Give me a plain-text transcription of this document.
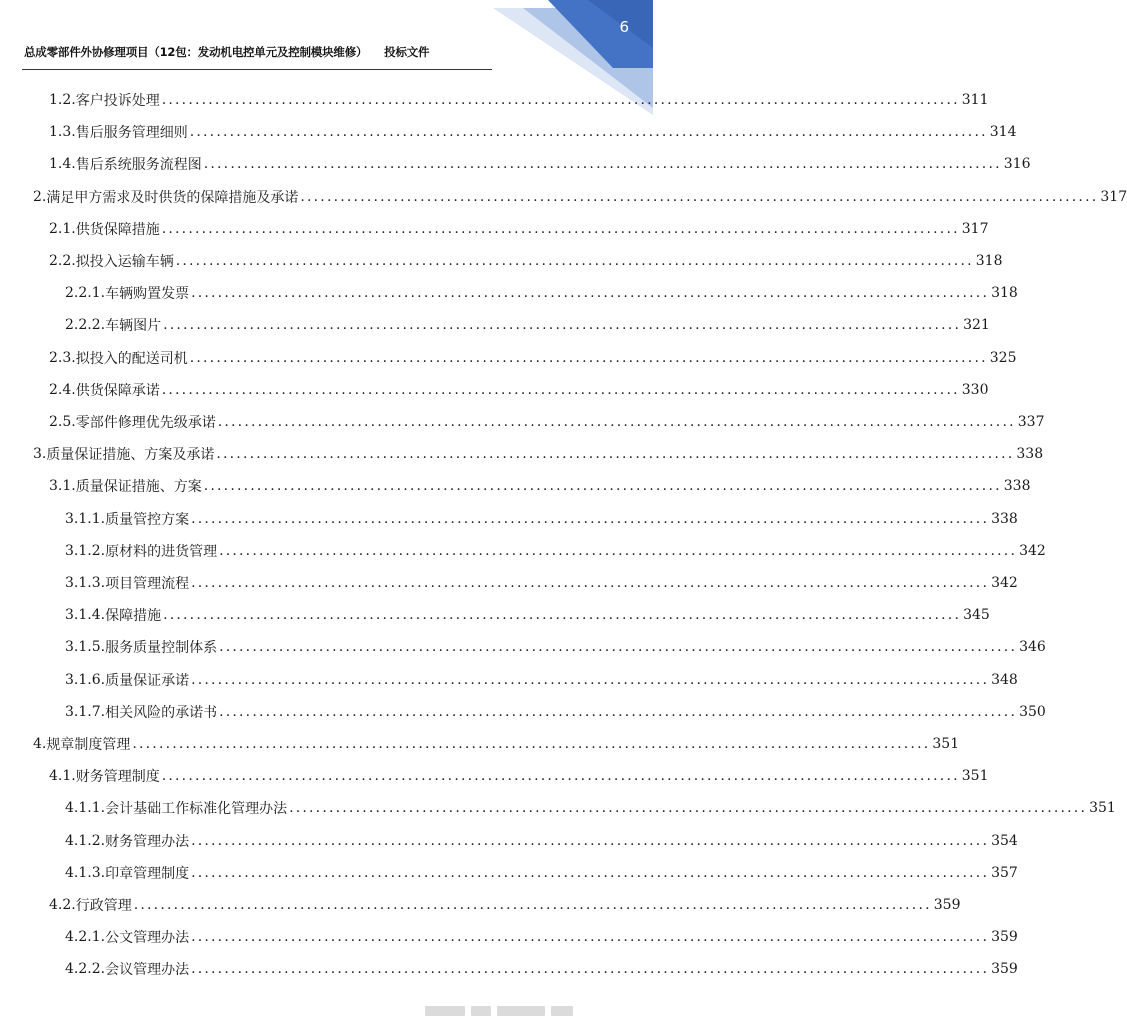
6
总成零部件外协修理项目（12包：发动机电控单元及控制模块维修）　　投标文件
1.2. 客户投诉处理 ........................................................................................................................ 311
1.3. 售后服务管理细则 ........................................................................................................................ 314
1.4. 售后系统服务流程图 ........................................................................................................................ 316
2. 满足甲方需求及时供货的保障措施及承诺 ........................................................................................................................ 317
2.1. 供货保障措施 ........................................................................................................................ 317
2.2. 拟投入运输车辆 ........................................................................................................................ 318
2.2.1. 车辆购置发票 ........................................................................................................................ 318
2.2.2. 车辆图片 ........................................................................................................................ 321
2.3. 拟投入的配送司机 ........................................................................................................................ 325
2.4. 供货保障承诺 ........................................................................................................................ 330
2.5. 零部件修理优先级承诺 ........................................................................................................................ 337
3. 质量保证措施、方案及承诺 ........................................................................................................................ 338
3.1. 质量保证措施、方案 ........................................................................................................................ 338
3.1.1. 质量管控方案 ........................................................................................................................ 338
3.1.2. 原材料的进货管理 ........................................................................................................................ 342
3.1.3. 项目管理流程 ........................................................................................................................ 342
3.1.4. 保障措施 ........................................................................................................................ 345
3.1.5. 服务质量控制体系 ........................................................................................................................ 346
3.1.6. 质量保证承诺 ........................................................................................................................ 348
3.1.7. 相关风险的承诺书 ........................................................................................................................ 350
4. 规章制度管理 ........................................................................................................................ 351
4.1. 财务管理制度 ........................................................................................................................ 351
4.1.1. 会计基础工作标准化管理办法 ........................................................................................................................ 351
4.1.2. 财务管理办法 ........................................................................................................................ 354
4.1.3. 印章管理制度 ........................................................................................................................ 357
4.2. 行政管理 ........................................................................................................................ 359
4.2.1. 公文管理办法 ........................................................................................................................ 359
4.2.2. 会议管理办法 ........................................................................................................................ 359
